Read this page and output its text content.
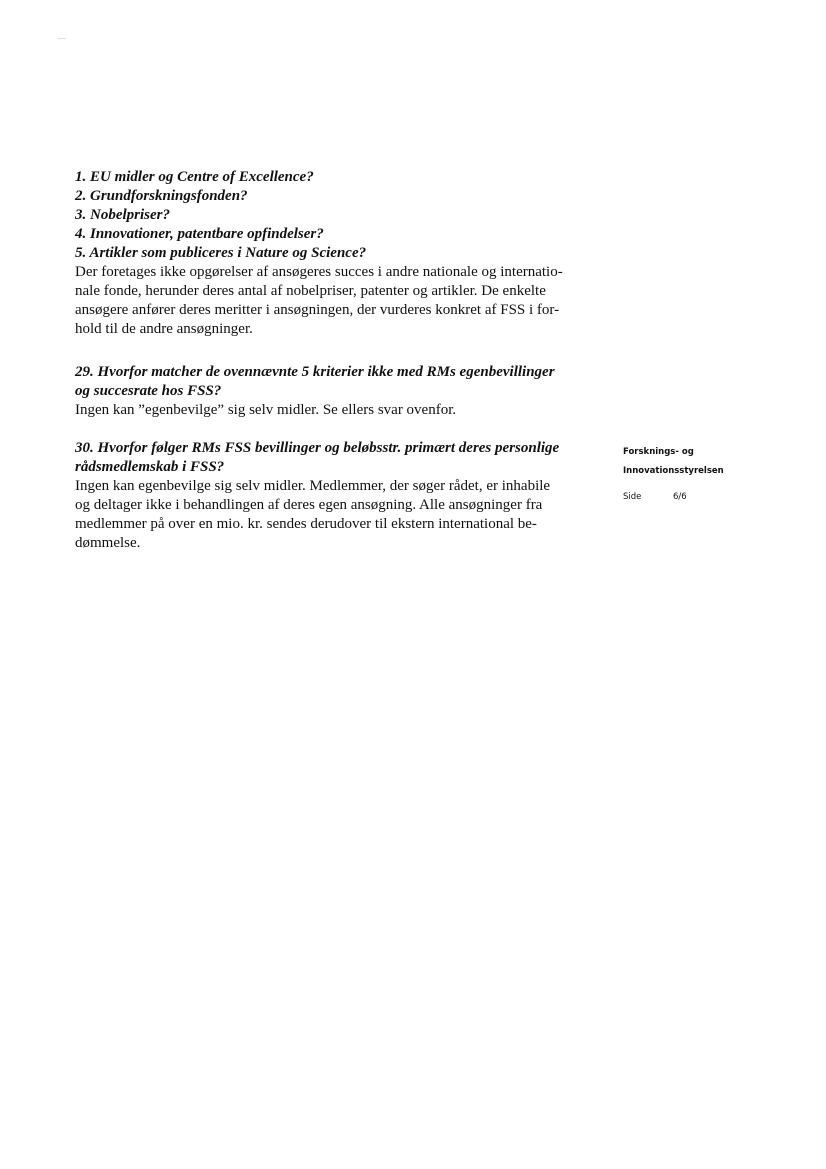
1. EU midler og Centre of Excellence?
2. Grundforskningsfonden?
3. Nobelpriser?
4. Innovationer, patentbare opfindelser?
5. Artikler som publiceres i Nature og Science?
Der foretages ikke opgørelser af ansøgeres succes i andre nationale og internatio-
nale fonde, herunder deres antal af nobelpriser, patenter og artikler. De enkelte
ansøgere anfører deres meritter i ansøgningen, der vurderes konkret af FSS i for-
hold til de andre ansøgninger.
29. Hvorfor matcher de ovennævnte 5 kriterier ikke med RMs egenbevillinger
og succesrate hos FSS?
Ingen kan ”egenbevilge” sig selv midler. Se ellers svar ovenfor.
30. Hvorfor følger RMs FSS bevillinger og beløbsstr. primært deres personlige
rådsmedlemskab i FSS?
Ingen kan egenbevilge sig selv midler. Medlemmer, der søger rådet, er inhabile
og deltager ikke i behandlingen af deres egen ansøgning. Alle ansøgninger fra
medlemmer på over en mio. kr. sendes derudover til ekstern international be-
dømmelse.
Forsknings- og
Innovationsstyrelsen
Side	6/6
